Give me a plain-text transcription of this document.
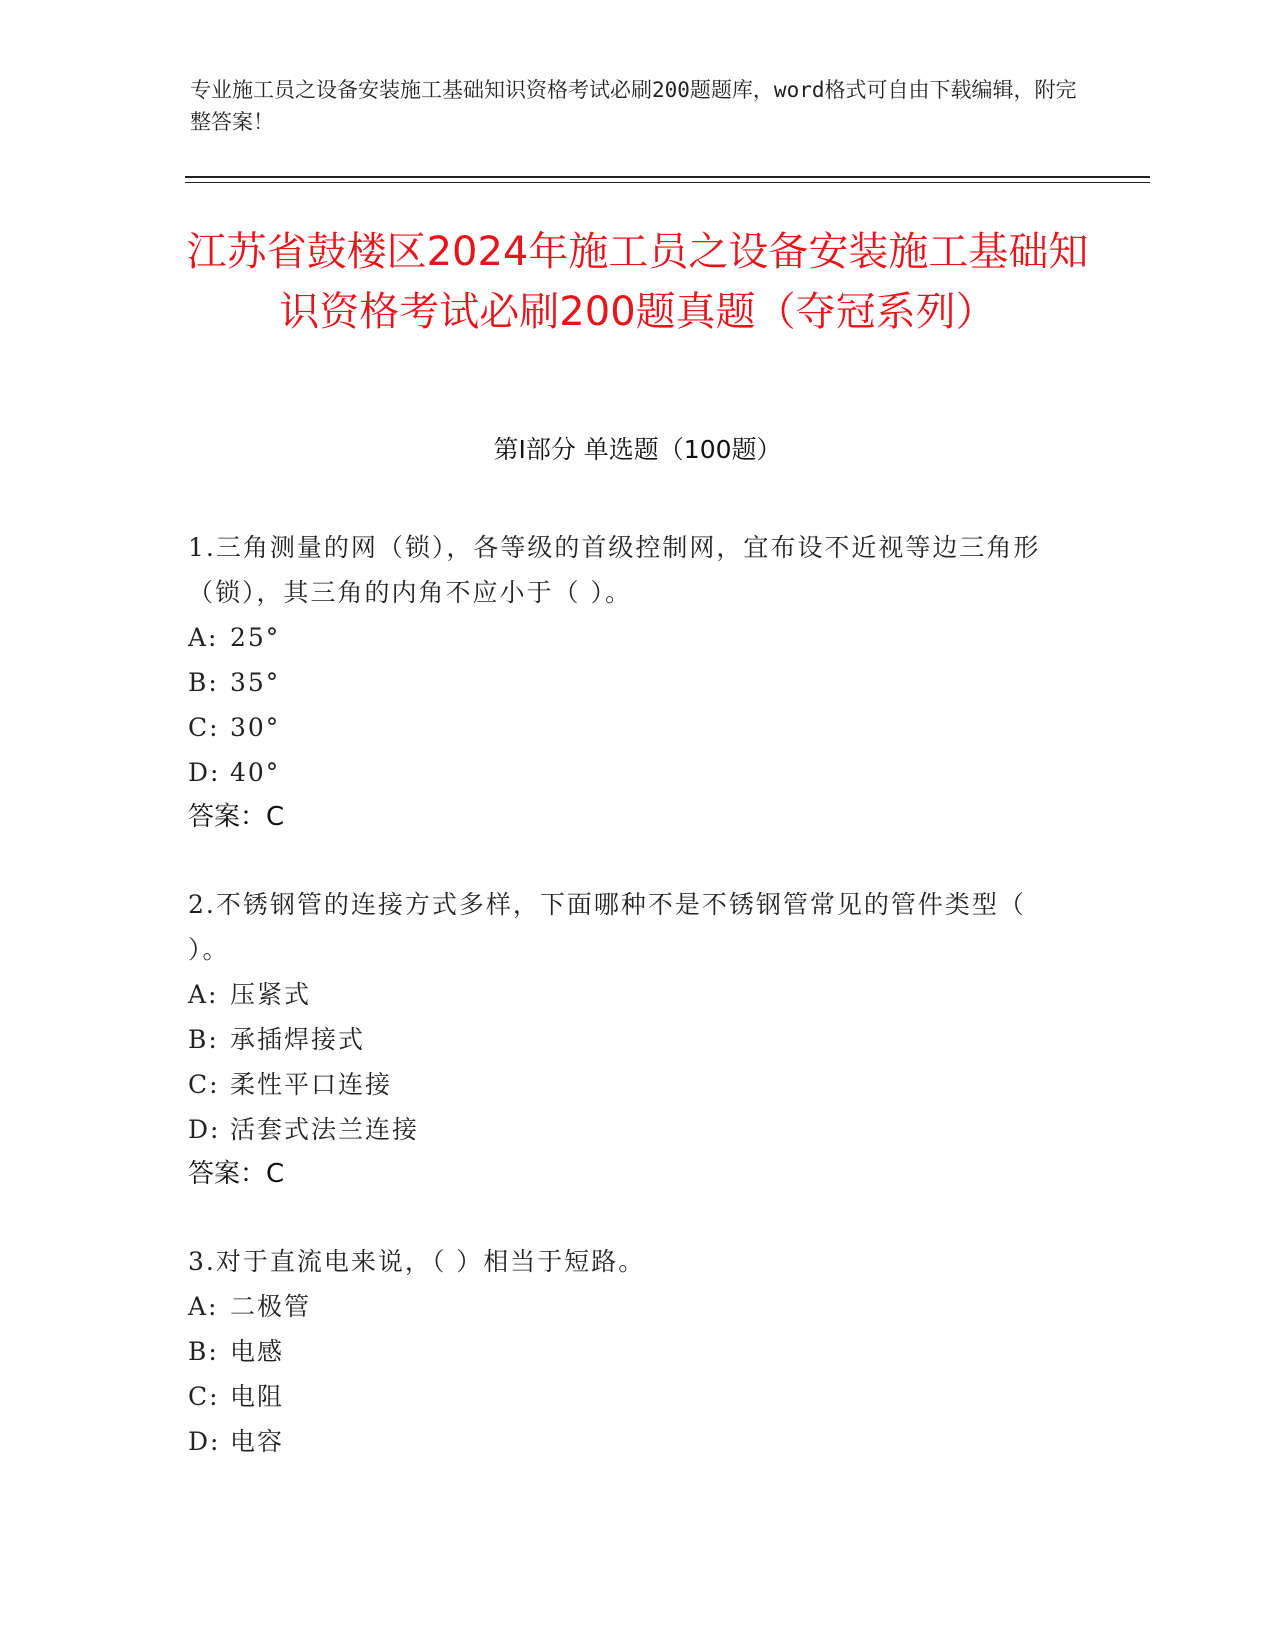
专业施工员之设备安装施工基础知识资格考试必刷200题题库，word格式可自由下载编辑，附完整答案！
江苏省鼓楼区2024年施工员之设备安装施工基础知识资格考试必刷200题真题（夺冠系列）
第Ⅰ部分 单选题（100题）
1.三角测量的网（锁），各等级的首级控制网，宜布设不近视等边三角形（锁），其三角的内角不应小于（ ）。
A: 25°
B: 35°
C: 30°
D: 40°
答案：C
2.不锈钢管的连接方式多样，下面哪种不是不锈钢管常见的管件类型（ ）。
A: 压紧式
B: 承插焊接式
C: 柔性平口连接
D: 活套式法兰连接
答案：C
3.对于直流电来说，（ ）相当于短路。
A: 二极管
B: 电感
C: 电阻
D: 电容
